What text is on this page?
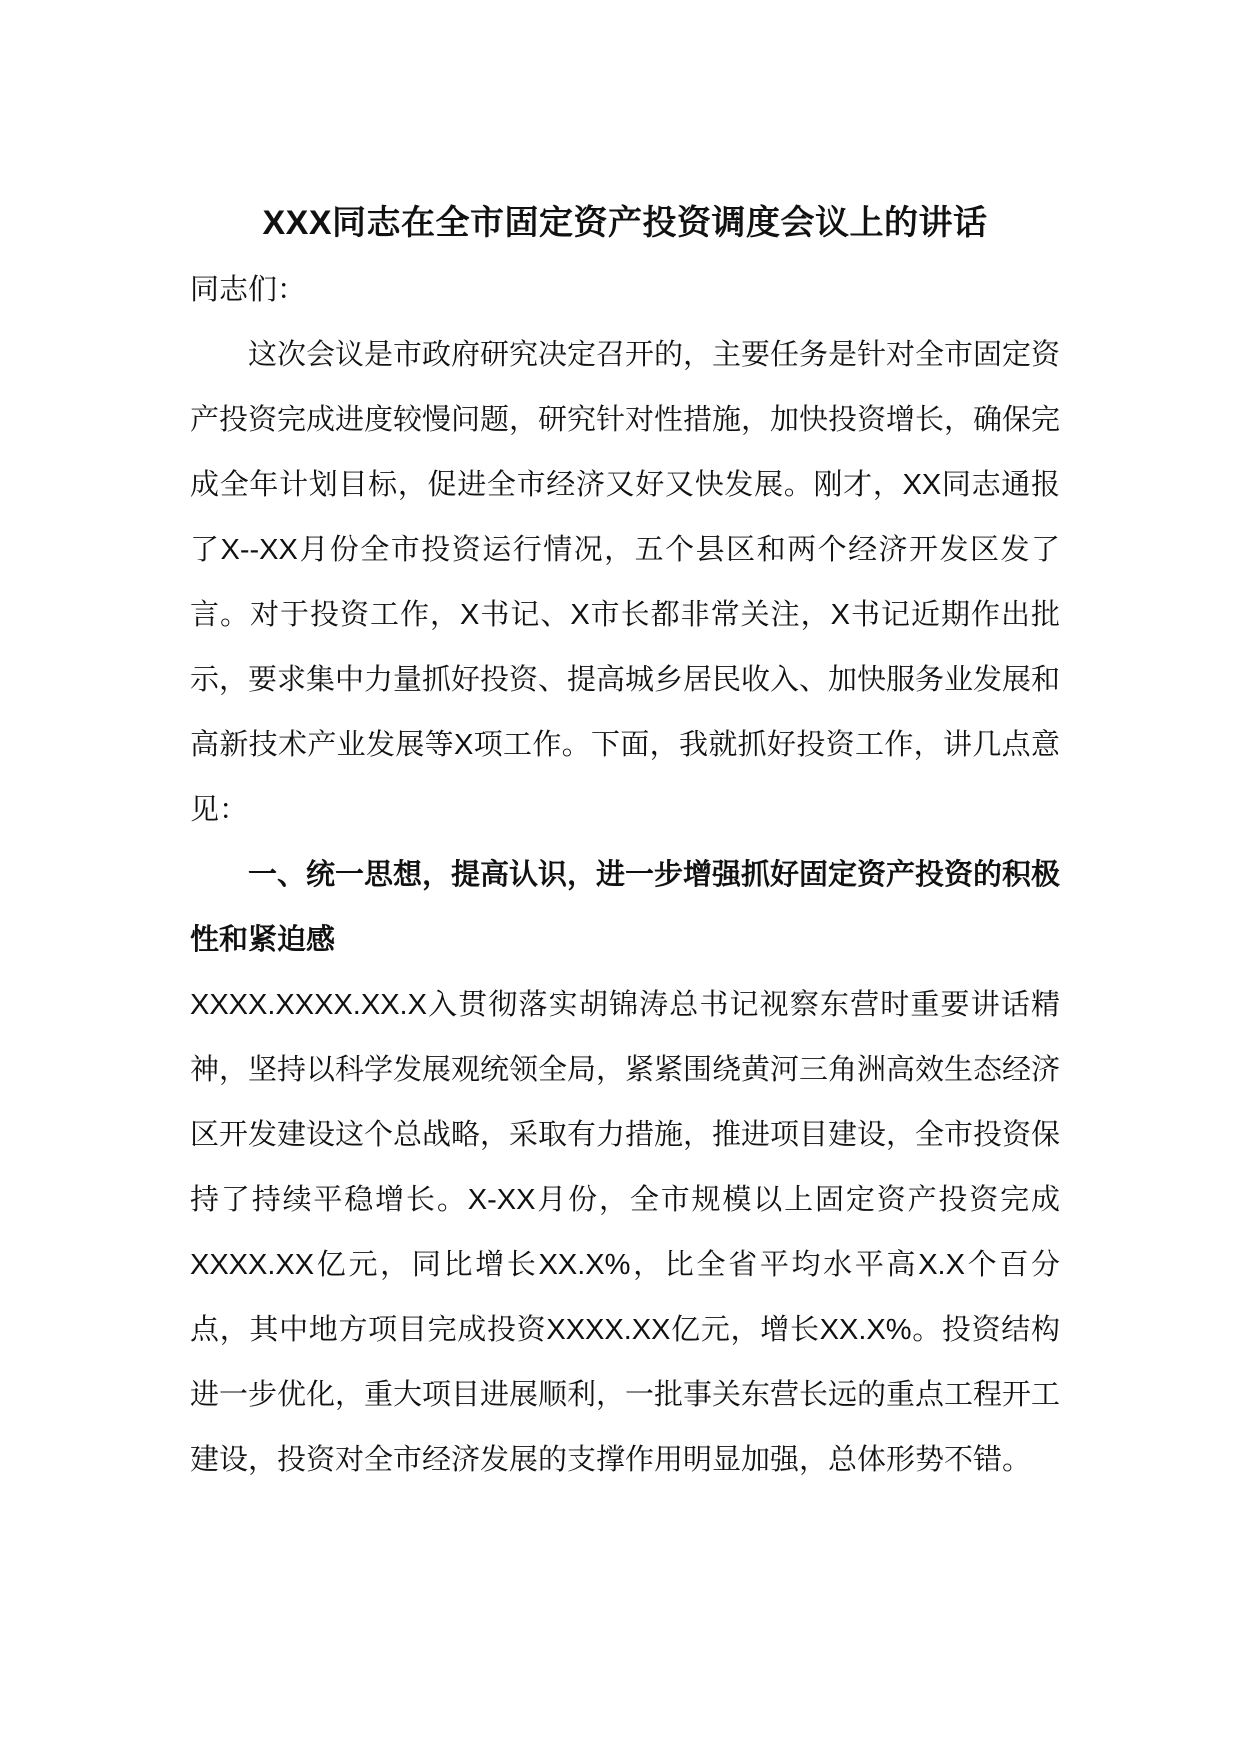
XXX同志在全市固定资产投资调度会议上的讲话

同志们：

这次会议是市政府研究决定召开的，主要任务是针对全市固定资产投资完成进度较慢问题，研究针对性措施，加快投资增长，确保完成全年计划目标，促进全市经济又好又快发展。刚才，XX同志通报了X--XX月份全市投资运行情况，五个县区和两个经济开发区发了言。对于投资工作，X书记、X市长都非常关注，X书记近期作出批示，要求集中力量抓好投资、提高城乡居民收入、加快服务业发展和高新技术产业发展等X项工作。下面，我就抓好投资工作，讲几点意见：

一、统一思想，提高认识，进一步增强抓好固定资产投资的积极性和紧迫感

XXXX.XXXX.XX.X入贯彻落实胡锦涛总书记视察东营时重要讲话精神，坚持以科学发展观统领全局，紧紧围绕黄河三角洲高效生态经济区开发建设这个总战略，采取有力措施，推进项目建设，全市投资保持了持续平稳增长。X-XX月份，全市规模以上固定资产投资完成XXXX.XX亿元，同比增长XX.X%，比全省平均水平高X.X个百分点，其中地方项目完成投资XXXX.XX亿元，增长XX.X%。投资结构进一步优化，重大项目进展顺利，一批事关东营长远的重点工程开工建设，投资对全市经济发展的支撑作用明显加强，总体形势不错。
